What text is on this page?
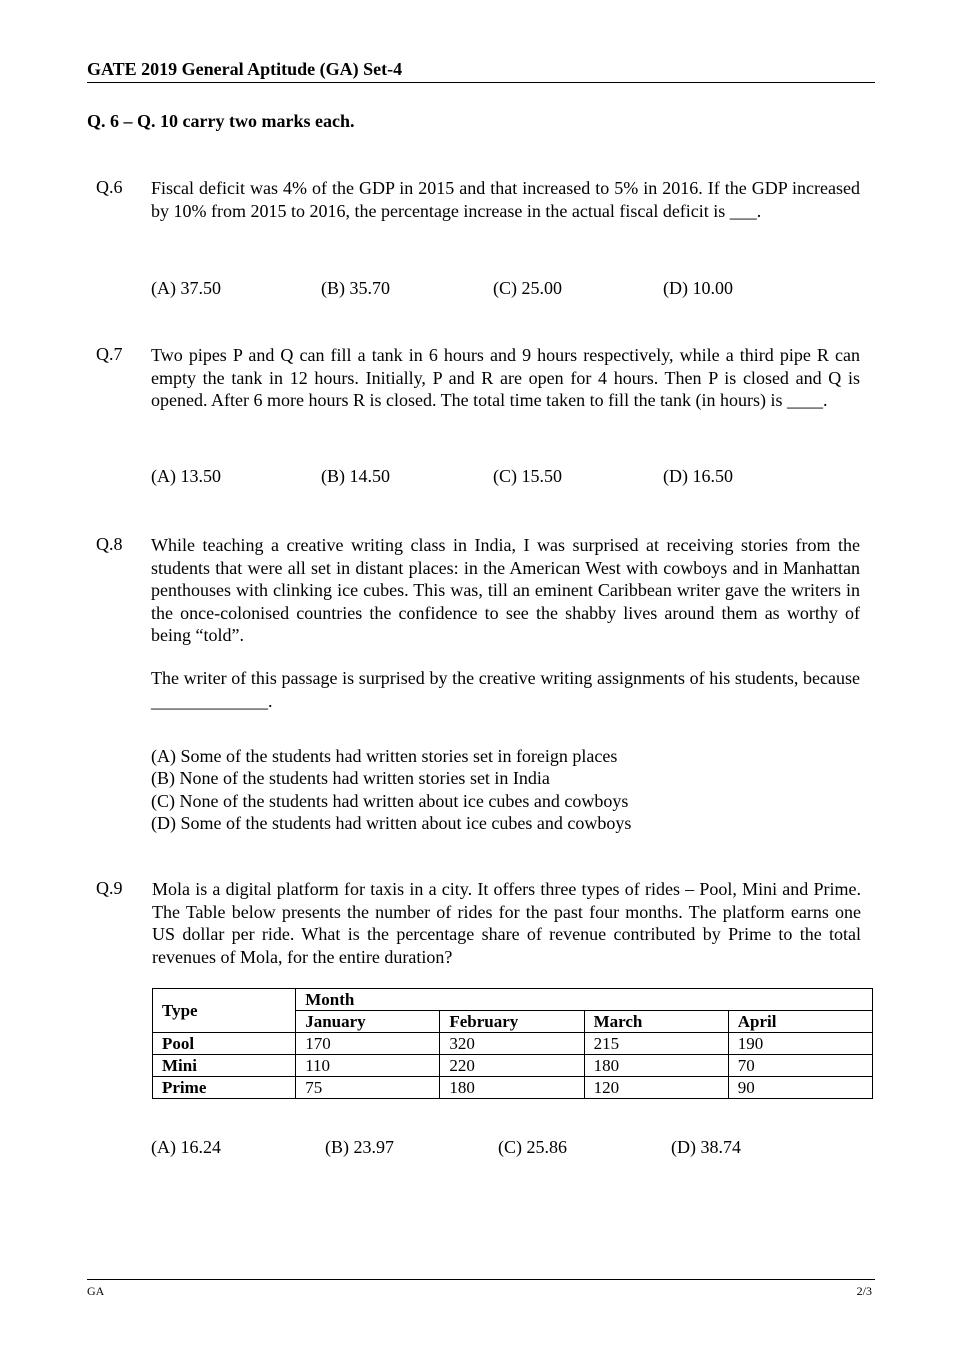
GATE 2019 General Aptitude (GA) Set-4
Q. 6 – Q. 10 carry two marks each.
Q.6 Fiscal deficit was 4% of the GDP in 2015 and that increased to 5% in 2016. If the GDP increased by 10% from 2015 to 2016, the percentage increase in the actual fiscal deficit is ___.
(A) 37.50	(B) 35.70	(C) 25.00	(D) 10.00
Q.7 Two pipes P and Q can fill a tank in 6 hours and 9 hours respectively, while a third pipe R can empty the tank in 12 hours. Initially, P and R are open for 4 hours. Then P is closed and Q is opened. After 6 more hours R is closed. The total time taken to fill the tank (in hours) is ____.
(A) 13.50	(B) 14.50	(C) 15.50	(D) 16.50
Q.8 While teaching a creative writing class in India, I was surprised at receiving stories from the students that were all set in distant places: in the American West with cowboys and in Manhattan penthouses with clinking ice cubes. This was, till an eminent Caribbean writer gave the writers in the once-colonised countries the confidence to see the shabby lives around them as worthy of being “told”.
The writer of this passage is surprised by the creative writing assignments of his students, because _____________.
(A) Some of the students had written stories set in foreign places
(B) None of the students had written stories set in India
(C) None of the students had written about ice cubes and cowboys
(D) Some of the students had written about ice cubes and cowboys
Q.9 Mola is a digital platform for taxis in a city. It offers three types of rides – Pool, Mini and Prime. The Table below presents the number of rides for the past four months. The platform earns one US dollar per ride. What is the percentage share of revenue contributed by Prime to the total revenues of Mola, for the entire duration?
Type	Month			
	January	February	March	April
Pool	170	320	215	190
Mini	110	220	180	70
Prime	75	180	120	90
(A) 16.24	(B) 23.97	(C) 25.86	(D) 38.74
GA	2/3
